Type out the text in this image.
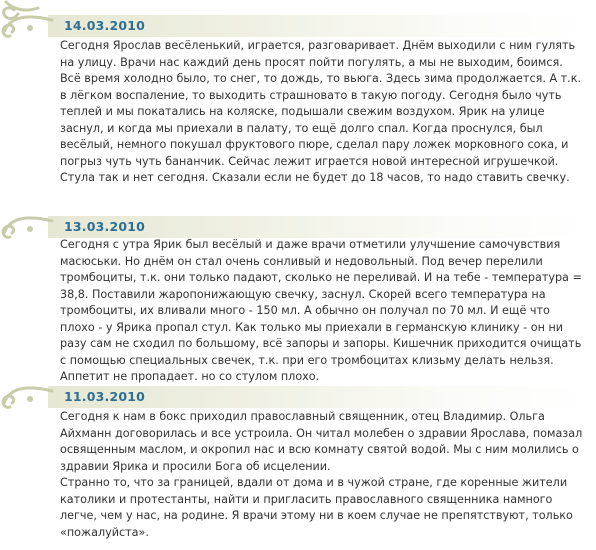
14.03.2010

Сегодня Ярослав весёленький, играется, разговаривает. Днём выходили с ним гулять на улицу. Врачи нас каждий день просят пойти погулять, а мы не выходим, боимся. Всё время холодно было, то снег, то дождь, то вьюга. Здесь зима продолжается. А т.к. в лёгком воспаление, то выходить страшновато в такую погоду. Сегодня было чуть теплей и мы покатались на коляске, подышали свежим воздухом. Ярик на улице заснул, и когда мы приехали в палату, то ещё долго спал. Когда проснулся, был весёлый, немного покушал фруктового пюре, сделал пару ложек морковного сока, и погрыз чуть чуть бананчик. Сейчас лежит играется новой интересной игрушечкой. Стула так и нет сегодня. Сказали если не будет до 18 часов, то надо ставить свечку.

13.03.2010

Сегодня с утра Ярик был весёлый и даже врачи отметили улучшение самочувствия масюськи. Но днём он стал очень сонливый и недовольный. Под вечер перелили тромбоциты, т.к. они только падают, сколько не переливай. И на тебе - температура = 38,8. Поставили жаропонижающую свечку, заснул. Скорей всего температура на тромбоциты, их вливали много - 150 мл. А обычно он получал по 70 мл. И ещё что плохо - у Ярика пропал стул. Как только мы приехали в германскую клинику - он ни разу сам не сходил по большому, всё запоры и запоры. Кишечник приходится очищать с помощью специальных свечек, т.к. при его тромбоцитах клизьму делать нельзя. Аппетит не пропадает. но со стулом плохо.

11.03.2010

Сегодня к нам в бокс приходил православный священник, отец Владимир. Ольга Айхманн договорилась и все устроила. Он читал молебен о здравии Ярослава, помазал освященным маслом, и окропил нас и всю комнату святой водой. Мы с ним молились о здравии Ярика и просили Бога об исцелении.

Странно то, что за границей, вдали от дома и в чужой стране, где коренные жители католики и протестанты, найти и пригласить православного священника намного легче, чем у нас, на родине. Я врачи этому ни в коем случае не препятствуют, только «пожалуйста».
